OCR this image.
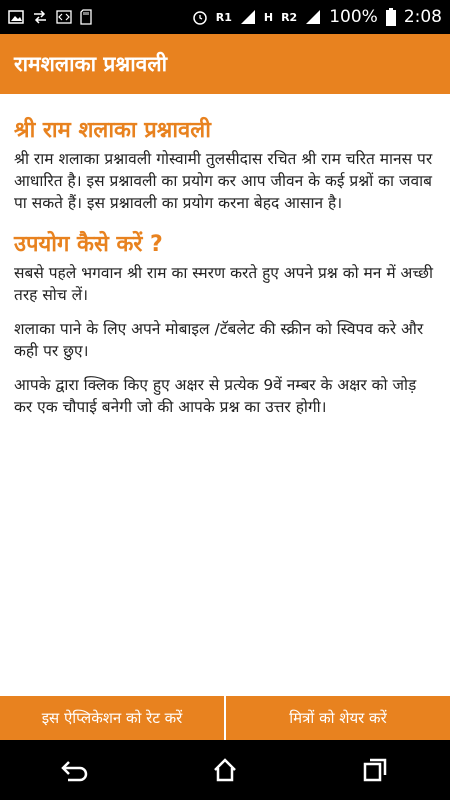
R1	H R2 100% 2:08
रामशलाका प्रश्नावली
श्री राम शलाका प्रश्नावली

श्री राम शलाका प्रश्नावली गोस्वामी तुलसीदास रचित श्री राम चरित मानस पर आधारित है। इस प्रश्नावली का प्रयोग कर आप जीवन के कई प्रश्नों का जवाब पा सकते हैं। इस प्रश्नावली का प्रयोग करना बेहद आसान है।

उपयोग कैसे करें ?

सबसे पहले भगवान श्री राम का स्मरण करते हुए अपने प्रश्न को मन में अच्छी तरह सोच लें।

शलाका पाने के लिए अपने मोबाइल /टॅबलेट की स्क्रीन को स्विपव करे और कही पर छुए।

आपके द्वारा क्लिक किए हुए अक्षर से प्रत्येक 9वें नम्बर के अक्षर को जोड़ कर एक चौपाई बनेगी जो की आपके प्रश्न का उत्तर होगी।

इस ऐप्लिकेशन को रेट करें	मित्रों को शेयर करें
